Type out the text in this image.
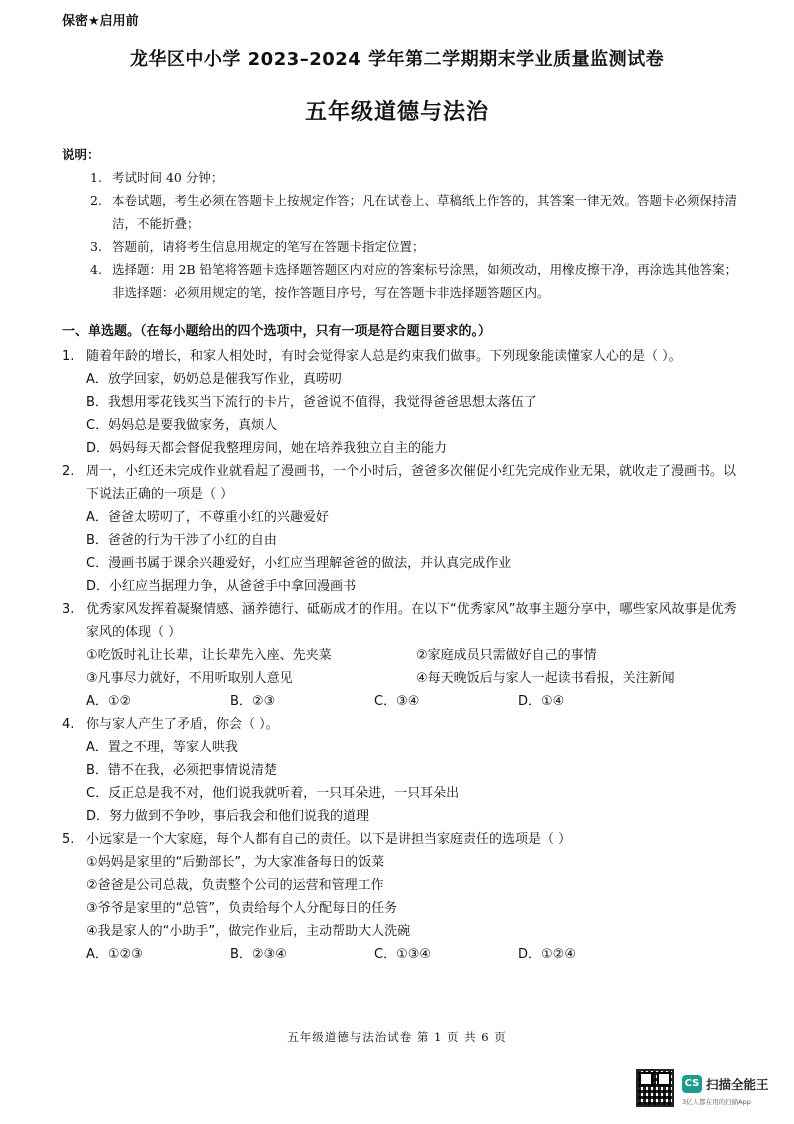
保密★启用前
龙华区中小学 2023–2024 学年第二学期期末学业质量监测试卷
五年级道德与法治
说明：
1. 考试时间 40 分钟；
2. 本卷试题，考生必须在答题卡上按规定作答；凡在试卷上、草稿纸上作答的，其答案一律无效。答题卡必须保持清洁，不能折叠；
3. 答题前，请将考生信息用规定的笔写在答题卡指定位置；
4. 选择题：用 2B 铅笔将答题卡选择题答题区内对应的答案标号涂黑，如须改动，用橡皮擦干净，再涂选其他答案；非选择题：必须用规定的笔，按作答题目序号，写在答题卡非选择题答题区内。
一、单选题。（在每小题给出的四个选项中，只有一项是符合题目要求的。）
1. 随着年龄的增长，和家人相处时，有时会觉得家人总是约束我们做事。下列现象能读懂家人心的是（ ）。
A．放学回家，奶奶总是催我写作业，真唠叨
B．我想用零花钱买当下流行的卡片，爸爸说不值得，我觉得爸爸思想太落伍了
C．妈妈总是要我做家务，真烦人
D．妈妈每天都会督促我整理房间，她在培养我独立自主的能力
2. 周一，小红还未完成作业就看起了漫画书，一个小时后，爸爸多次催促小红先完成作业无果，就收走了漫画书。以下说法正确的一项是（ ）
A．爸爸太唠叨了，不尊重小红的兴趣爱好
B．爸爸的行为干涉了小红的自由
C．漫画书属于课余兴趣爱好，小红应当理解爸爸的做法，并认真完成作业
D．小红应当据理力争，从爸爸手中拿回漫画书
3. 优秀家风发挥着凝聚情感、涵养德行、砥砺成才的作用。在以下“优秀家风”故事主题分享中，哪些家风故事是优秀家风的体现（ ）
①吃饭时礼让长辈，让长辈先入座、先夹菜	②家庭成员只需做好自己的事情
③凡事尽力就好，不用听取别人意见	④每天晚饭后与家人一起读书看报，关注新闻
A．①②	B．②③	C．③④	D．①④
4. 你与家人产生了矛盾，你会（ ）。
A．置之不理，等家人哄我
B．错不在我，必须把事情说清楚
C．反正总是我不对，他们说我就听着，一只耳朵进，一只耳朵出
D．努力做到不争吵，事后我会和他们说我的道理
5. 小远家是一个大家庭，每个人都有自己的责任。以下是讲担当家庭责任的选项是（ ）
①妈妈是家里的“后勤部长”，为大家准备每日的饭菜
②爸爸是公司总裁，负责整个公司的运营和管理工作
③爷爷是家里的“总管”，负责给每个人分配每日的任务
④我是家人的“小助手”，做完作业后，主动帮助大人洗碗
A．①②③	B．②③④	C．①③④	D．①②④
五年级道德与法治试卷 第 1 页 共 6 页
CS 扫描全能王
3亿人都在用的扫描App
